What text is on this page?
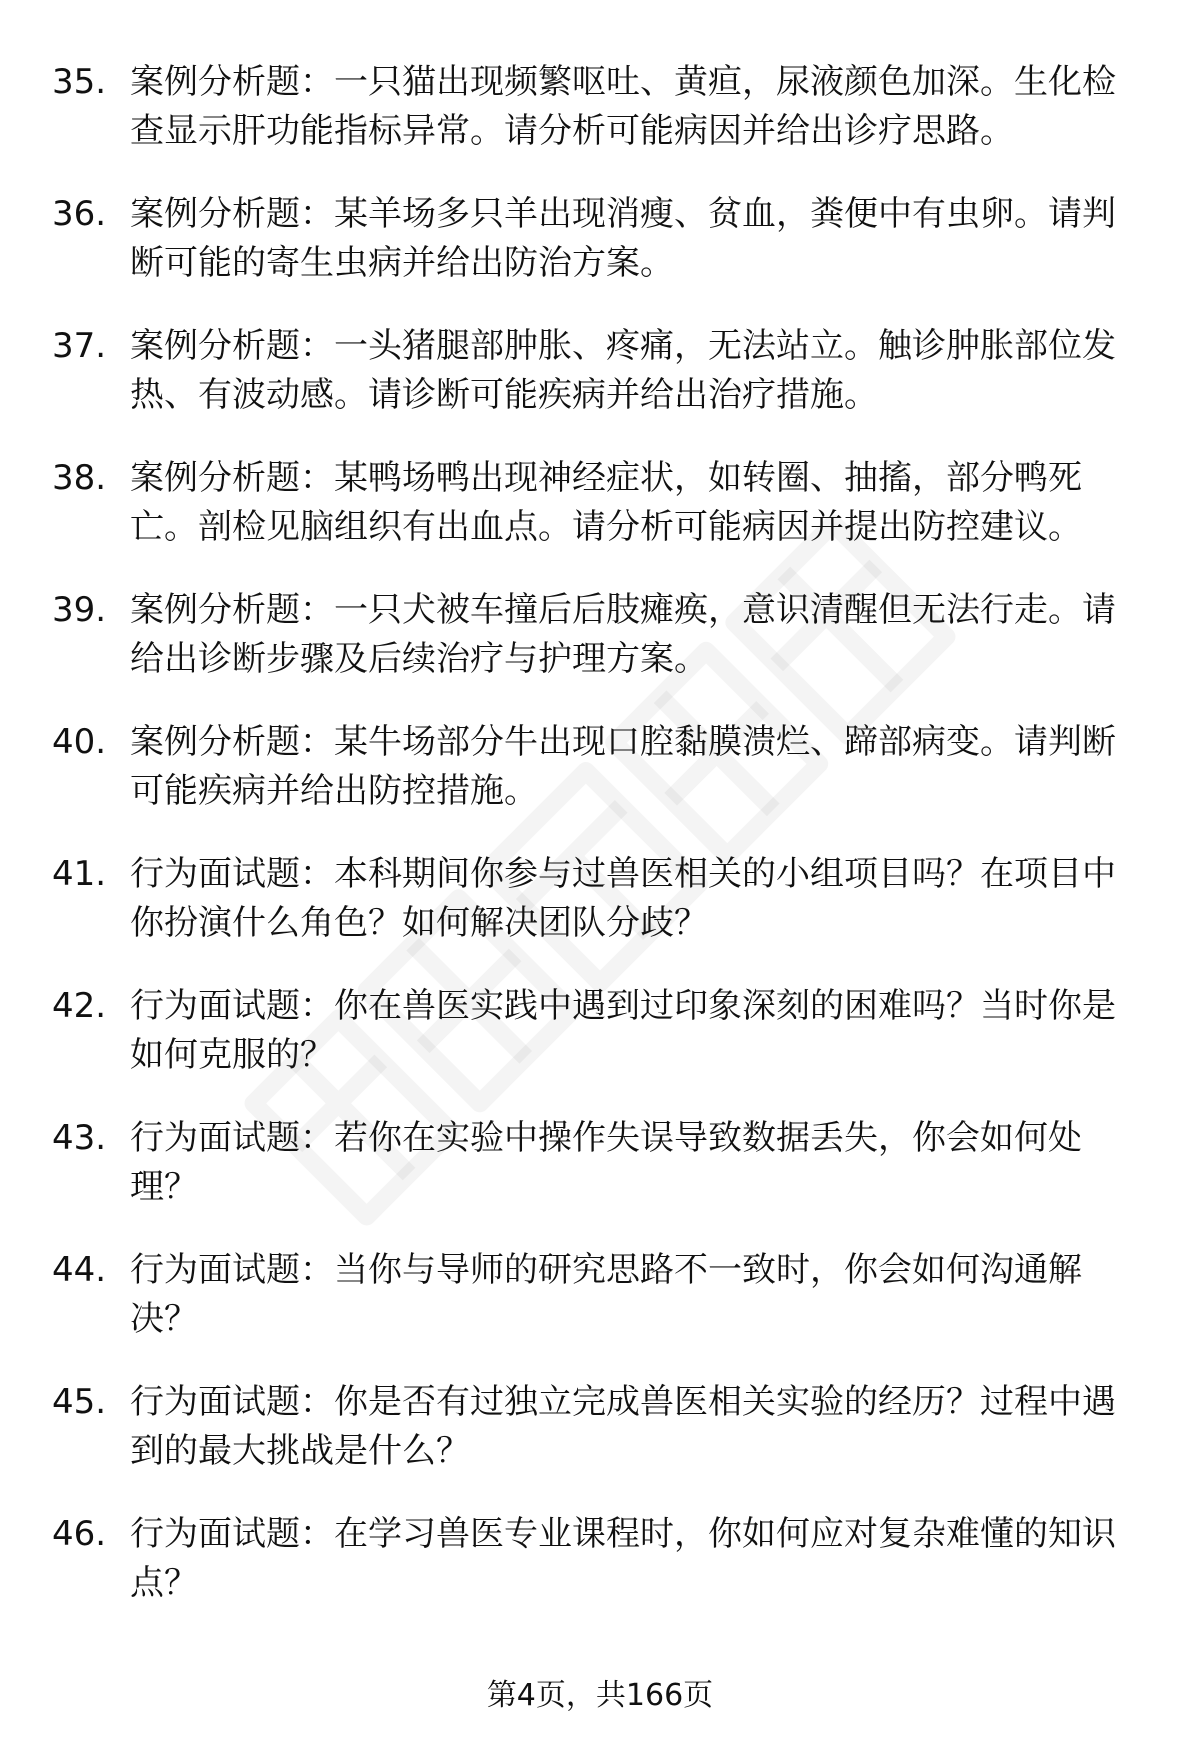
35. 案例分析题：一只猫出现频繁呕吐、黄疸，尿液颜色加深。生化检查显示肝功能指标异常。请分析可能病因并给出诊疗思路。
36. 案例分析题：某羊场多只羊出现消瘦、贫血，粪便中有虫卵。请判断可能的寄生虫病并给出防治方案。
37. 案例分析题：一头猪腿部肿胀、疼痛，无法站立。触诊肿胀部位发热、有波动感。请诊断可能疾病并给出治疗措施。
38. 案例分析题：某鸭场鸭出现神经症状，如转圈、抽搐，部分鸭死亡。剖检见脑组织有出血点。请分析可能病因并提出防控建议。
39. 案例分析题：一只犬被车撞后后肢瘫痪，意识清醒但无法行走。请给出诊断步骤及后续治疗与护理方案。
40. 案例分析题：某牛场部分牛出现口腔黏膜溃烂、蹄部病变。请判断可能疾病并给出防控措施。
41. 行为面试题：本科期间你参与过兽医相关的小组项目吗？在项目中你扮演什么角色？如何解决团队分歧？
42. 行为面试题：你在兽医实践中遇到过印象深刻的困难吗？当时你是如何克服的？
43. 行为面试题：若你在实验中操作失误导致数据丢失，你会如何处理？
44. 行为面试题：当你与导师的研究思路不一致时，你会如何沟通解决？
45. 行为面试题：你是否有过独立完成兽医相关实验的经历？过程中遇到的最大挑战是什么？
46. 行为面试题：在学习兽医专业课程时，你如何应对复杂难懂的知识点？
第4页，共166页
